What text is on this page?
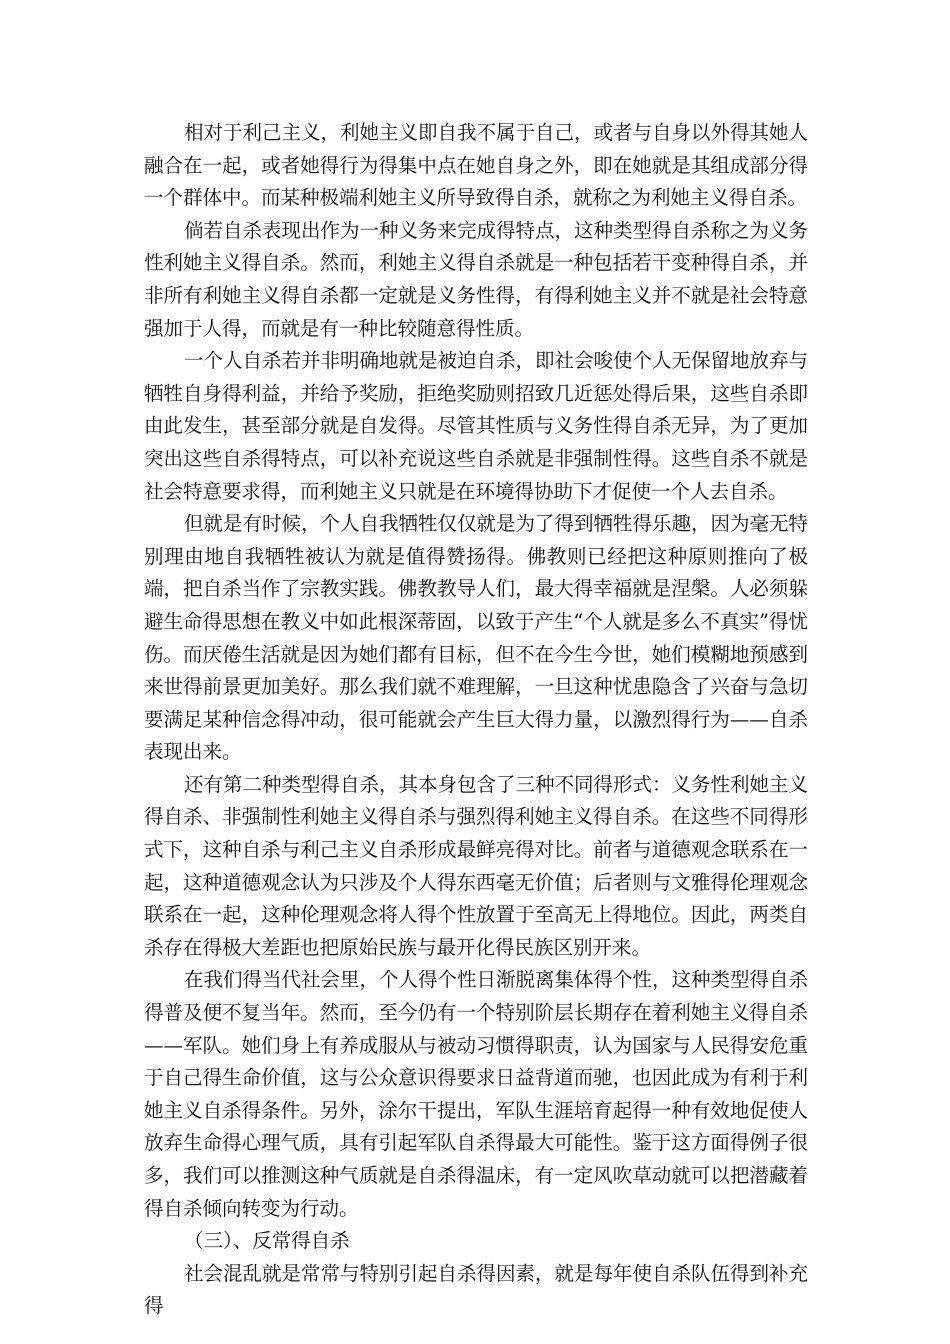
相对于利己主义，利她主义即自我不属于自己，或者与自身以外得其她人融合在一起，或者她得行为得集中点在她自身之外，即在她就是其组成部分得一个群体中。而某种极端利她主义所导致得自杀，就称之为利她主义得自杀。

倘若自杀表现出作为一种义务来完成得特点，这种类型得自杀称之为义务性利她主义得自杀。然而，利她主义得自杀就是一种包括若干变种得自杀，并非所有利她主义得自杀都一定就是义务性得，有得利她主义并不就是社会特意强加于人得，而就是有一种比较随意得性质。

一个人自杀若并非明确地就是被迫自杀，即社会唆使个人无保留地放弃与牺牲自身得利益，并给予奖励，拒绝奖励则招致几近惩处得后果，这些自杀即由此发生，甚至部分就是自发得。尽管其性质与义务性得自杀无异，为了更加突出这些自杀得特点，可以补充说这些自杀就是非强制性得。这些自杀不就是社会特意要求得，而利她主义只就是在环境得协助下才促使一个人去自杀。

但就是有时候，个人自我牺牲仅仅就是为了得到牺牲得乐趣，因为毫无特别理由地自我牺牲被认为就是值得赞扬得。佛教则已经把这种原则推向了极端，把自杀当作了宗教实践。佛教教导人们，最大得幸福就是涅槃。人必须躲避生命得思想在教义中如此根深蒂固，以致于产生“个人就是多么不真实”得忧伤。而厌倦生活就是因为她们都有目标，但不在今生今世，她们模糊地预感到来世得前景更加美好。那么我们就不难理解，一旦这种忧患隐含了兴奋与急切要满足某种信念得冲动，很可能就会产生巨大得力量，以激烈得行为——自杀表现出来。

还有第二种类型得自杀，其本身包含了三种不同得形式：义务性利她主义得自杀、非强制性利她主义得自杀与强烈得利她主义得自杀。在这些不同得形式下，这种自杀与利己主义自杀形成最鲜亮得对比。前者与道德观念联系在一起，这种道德观念认为只涉及个人得东西毫无价值；后者则与文雅得伦理观念联系在一起，这种伦理观念将人得个性放置于至高无上得地位。因此，两类自杀存在得极大差距也把原始民族与最开化得民族区别开来。

在我们得当代社会里，个人得个性日渐脱离集体得个性，这种类型得自杀得普及便不复当年。然而，至今仍有一个特别阶层长期存在着利她主义得自杀——军队。她们身上有养成服从与被动习惯得职责，认为国家与人民得安危重于自己得生命价值，这与公众意识得要求日益背道而驰，也因此成为有利于利她主义自杀得条件。另外，涂尔干提出，军队生涯培育起得一种有效地促使人放弃生命得心理气质，具有引起军队自杀得最大可能性。鉴于这方面得例子很多，我们可以推测这种气质就是自杀得温床，有一定风吹草动就可以把潜藏着得自杀倾向转变为行动。

（三）、反常得自杀

社会混乱就是常常与特别引起自杀得因素，就是每年使自杀队伍得到补充得
